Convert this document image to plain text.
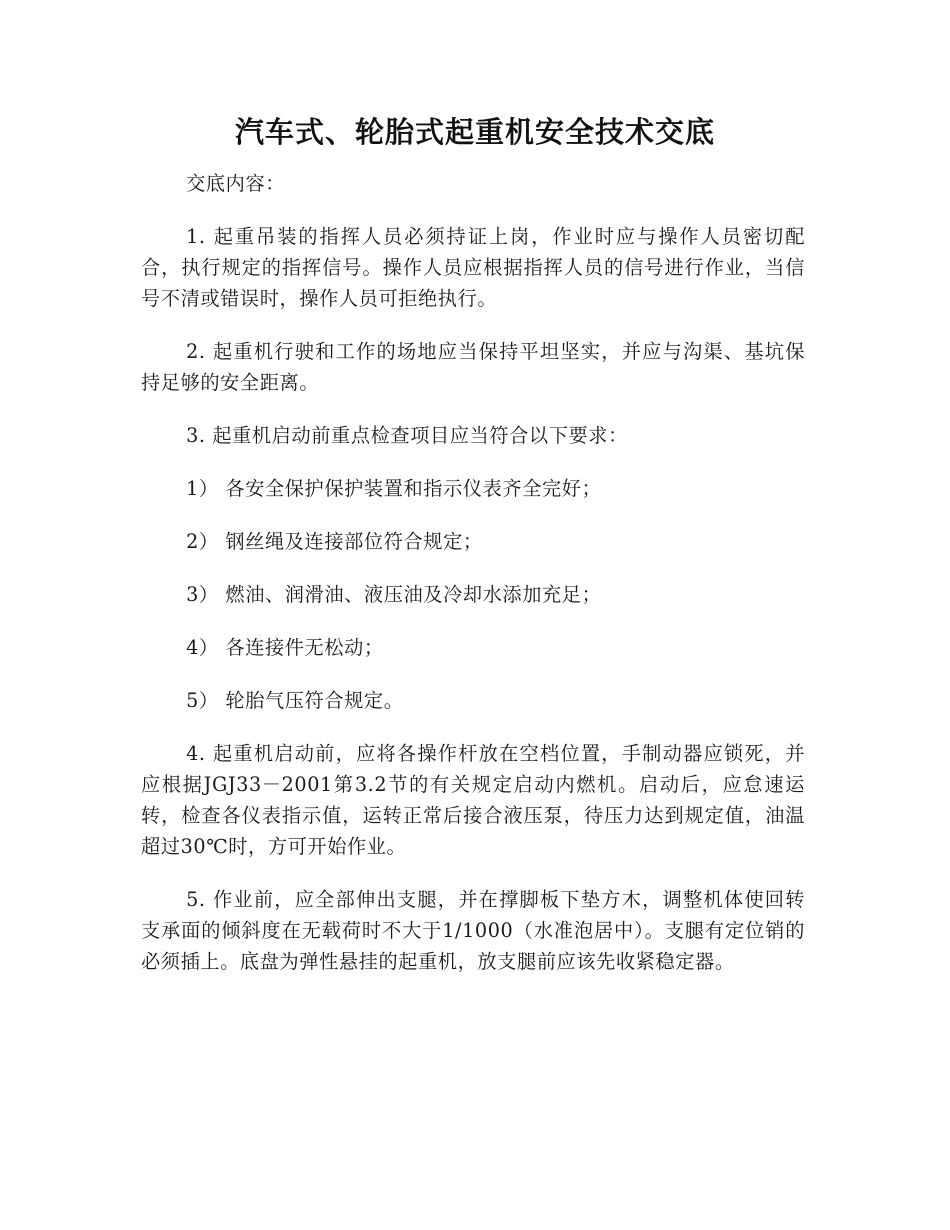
汽车式、轮胎式起重机安全技术交底

交底内容：

1. 起重吊装的指挥人员必须持证上岗，作业时应与操作人员密切配合，执行规定的指挥信号。操作人员应根据指挥人员的信号进行作业，当信号不清或错误时，操作人员可拒绝执行。

2. 起重机行驶和工作的场地应当保持平坦坚实，并应与沟渠、基坑保持足够的安全距离。

3. 起重机启动前重点检查项目应当符合以下要求：

1） 各安全保护保护装置和指示仪表齐全完好；

2） 钢丝绳及连接部位符合规定；

3） 燃油、润滑油、液压油及冷却水添加充足；

4） 各连接件无松动；

5） 轮胎气压符合规定。

4. 起重机启动前，应将各操作杆放在空档位置，手制动器应锁死，并应根据JGJ33－2001第3.2节的有关规定启动内燃机。启动后，应怠速运转，检查各仪表指示值，运转正常后接合液压泵，待压力达到规定值，油温超过30℃时，方可开始作业。

5. 作业前，应全部伸出支腿，并在撑脚板下垫方木，调整机体使回转支承面的倾斜度在无载荷时不大于1/1000（水准泡居中）。支腿有定位销的必须插上。底盘为弹性悬挂的起重机，放支腿前应该先收紧稳定器。
